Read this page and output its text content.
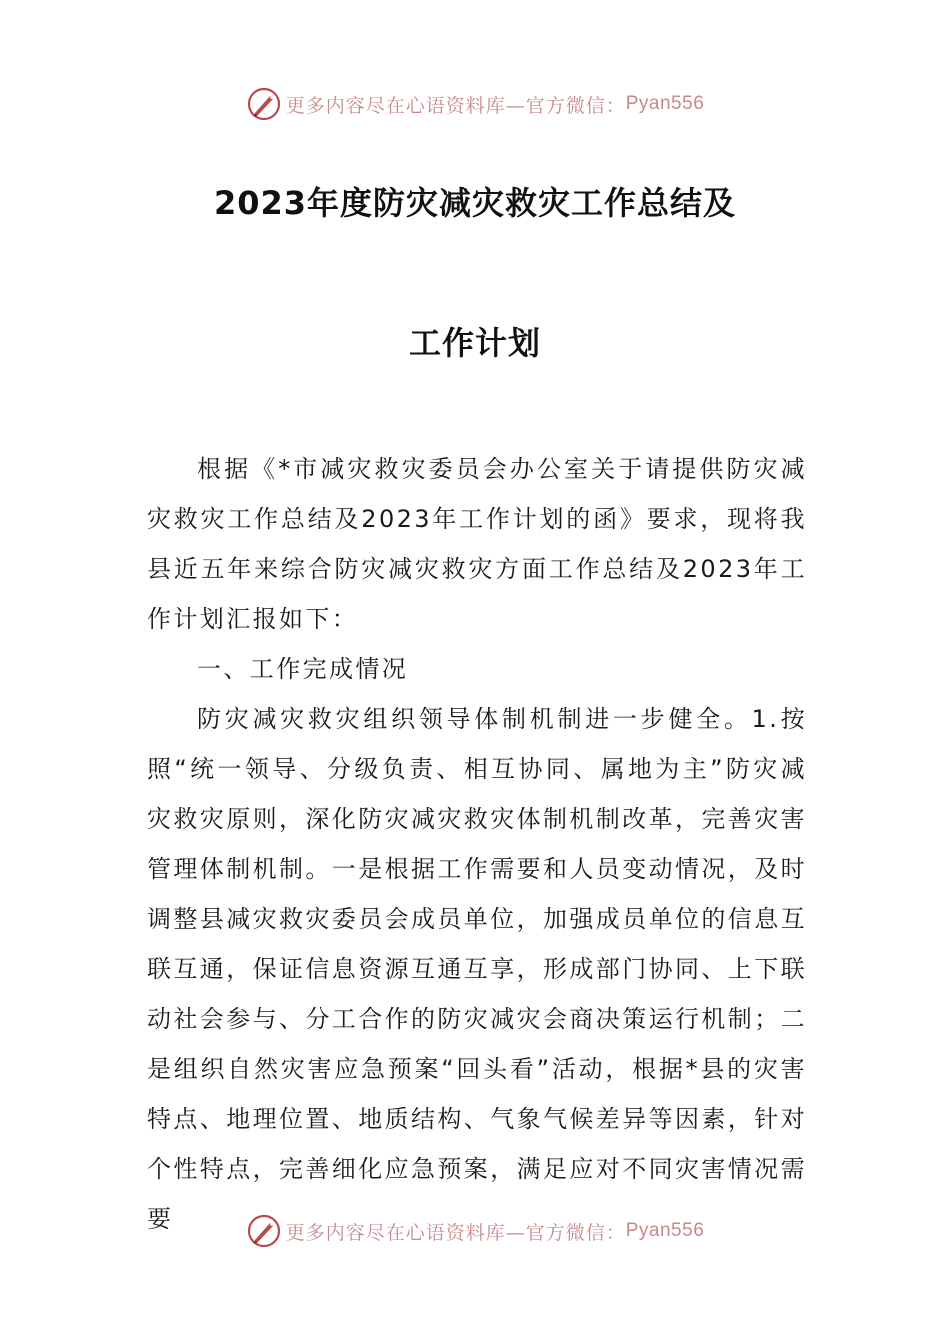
更多内容尽在心语资料库—官方微信： Pyan556
2023年度防灾减灾救灾工作总结及
工作计划

根据《*市减灾救灾委员会办公室关于请提供防灾减灾救灾工作总结及2023年工作计划的函》要求，现将我县近五年来综合防灾减灾救灾方面工作总结及2023年工作计划汇报如下：

一、工作完成情况

防灾减灾救灾组织领导体制机制进一步健全。1.按照“统一领导、分级负责、相互协同、属地为主”防灾减灾救灾原则，深化防灾减灾救灾体制机制改革，完善灾害管理体制机制。一是根据工作需要和人员变动情况，及时调整县减灾救灾委员会成员单位，加强成员单位的信息互联互通，保证信息资源互通互享，形成部门协同、上下联动社会参与、分工合作的防灾减灾会商决策运行机制；二是组织自然灾害应急预案“回头看”活动，根据*县的灾害特点、地理位置、地质结构、气象气候差异等因素，针对个性特点，完善细化应急预案，满足应对不同灾害情况需要	更多内容尽在心语资料库—官方微信： Pyan556
